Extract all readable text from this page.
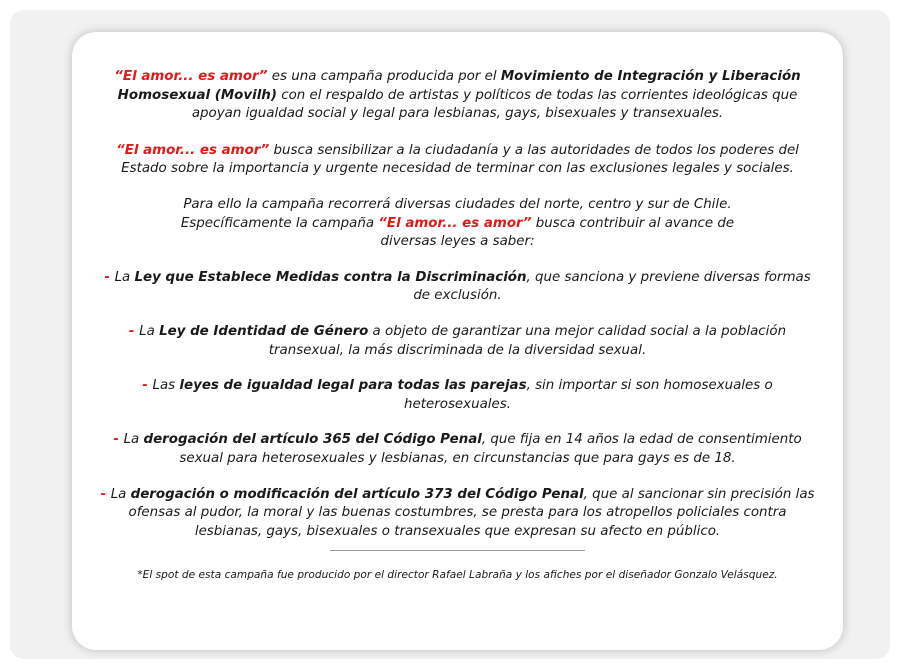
“El amor... es amor” es una campaña producida por el Movimiento de Integración y Liberación Homosexual (Movilh) con el respaldo de artistas y políticos de todas las corrientes ideológicas que apoyan igualdad social y legal para lesbianas, gays, bisexuales y transexuales.

“El amor... es amor” busca sensibilizar a la ciudadanía y a las autoridades de todos los poderes del Estado sobre la importancia y urgente necesidad de terminar con las exclusiones legales y sociales.

Para ello la campaña recorrerá diversas ciudades del norte, centro y sur de Chile.
Específicamente la campaña “El amor... es amor” busca contribuir al avance de
diversas leyes a saber:

- La Ley que Establece Medidas contra la Discriminación, que sanciona y previene diversas formas de exclusión.

- La Ley de Identidad de Género a objeto de garantizar una mejor calidad social a la población transexual, la más discriminada de la diversidad sexual.

- Las leyes de igualdad legal para todas las parejas, sin importar si son homosexuales o heterosexuales.

- La derogación del artículo 365 del Código Penal, que fija en 14 años la edad de consentimiento sexual para heterosexuales y lesbianas, en circunstancias que para gays es de 18.

- La derogación o modificación del artículo 373 del Código Penal, que al sancionar sin precisión las ofensas al pudor, la moral y las buenas costumbres, se presta para los atropellos policiales contra lesbianas, gays, bisexuales o transexuales que expresan su afecto en público.

*El spot de esta campaña fue producido por el director Rafael Labraña y los afiches por el diseñador Gonzalo Velásquez.
